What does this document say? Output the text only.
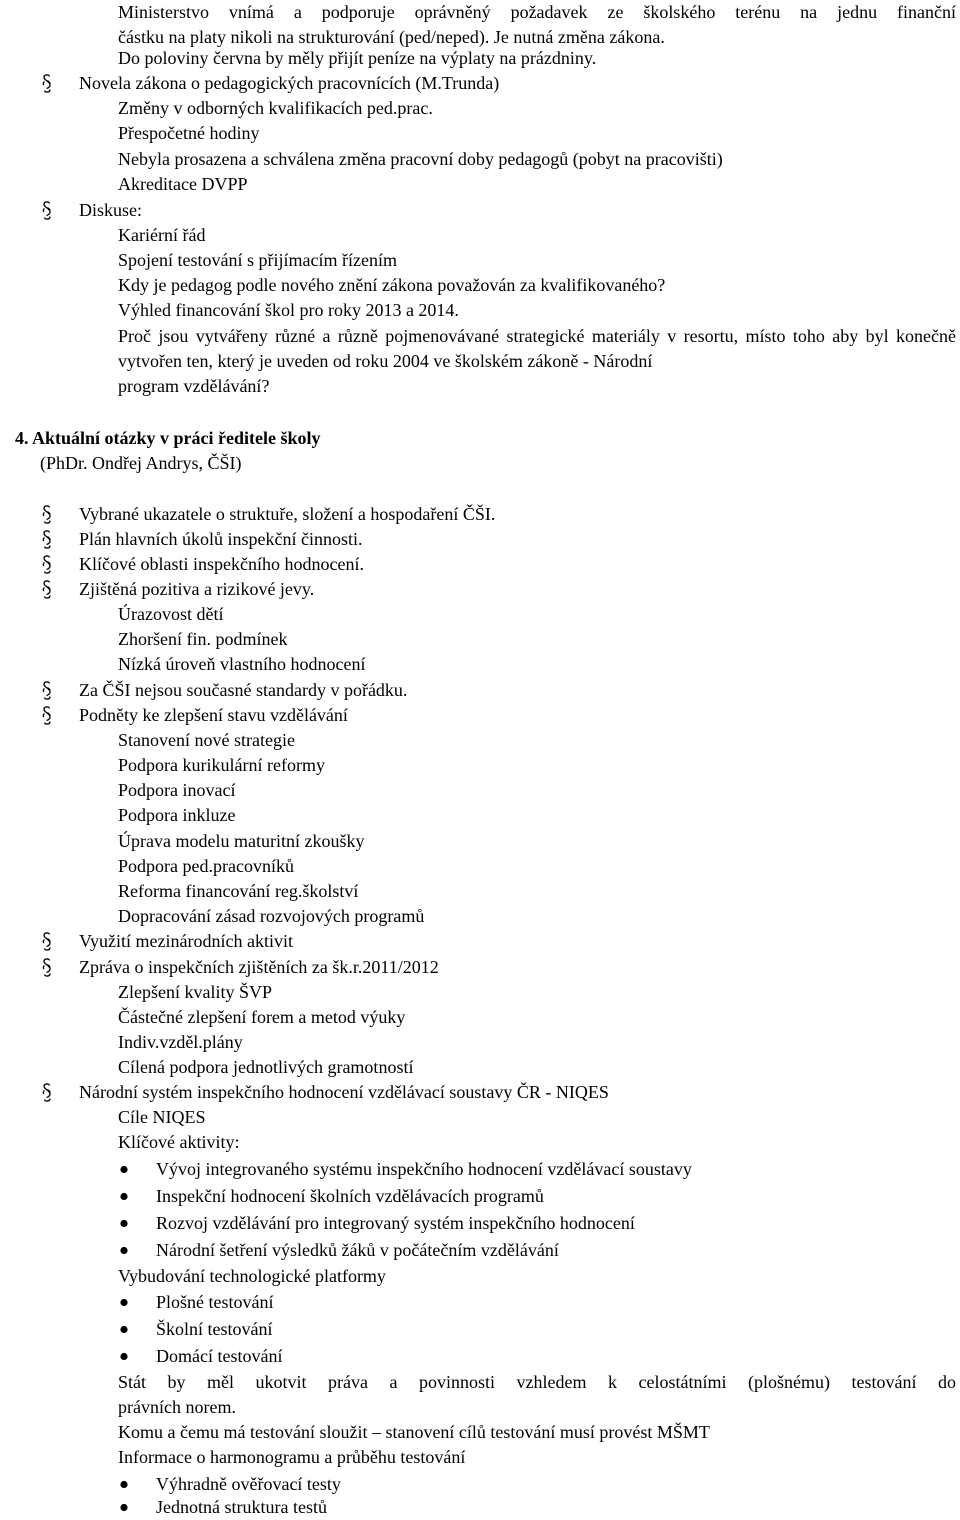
Ministerstvo vnímá a podporuje oprávněný požadavek ze školského terénu na jednu finanční
částku na platy nikoli na strukturování (ped/neped). Je nutná změna zákona.
Do poloviny června by měly přijít peníze na výplaty na prázdniny.
Novela zákona o pedagogických pracovnících (M.Trunda)
Změny v odborných kvalifikacích ped.prac.
Přespočetné hodiny
Nebyla prosazena a schválena změna pracovní doby pedagogů (pobyt na pracovišti)
Akreditace DVPP
Diskuse:
Kariérní řád
Spojení testování s přijímacím řízením
Kdy je pedagog podle nového znění zákona považován za kvalifikovaného?
Výhled financování škol pro roky 2013 a 2014.
Proč jsou vytvářeny různé a různě pojmenovávané strategické materiály v resortu, místo toho aby byl konečně vytvořen ten, který je uveden od roku 2004 ve školském zákoně - Národní
program vzdělávání?
4. Aktuální otázky v práci ředitele školy
(PhDr. Ondřej Andrys, ČŠI)
Vybrané ukazatele o struktuře, složení a hospodaření ČŠI.
Plán hlavních úkolů inspekční činnosti.
Klíčové oblasti inspekčního hodnocení.
Zjištěná pozitiva a rizikové jevy.
Úrazovost dětí
Zhoršení fin. podmínek
Nízká úroveň vlastního hodnocení
Za ČŠI nejsou současné standardy v pořádku.
Podněty ke zlepšení stavu vzdělávání
Stanovení nové strategie
Podpora kurikulární reformy
Podpora inovací
Podpora inkluze
Úprava modelu maturitní zkoušky
Podpora ped.pracovníků
Reforma financování reg.školství
Dopracování zásad rozvojových programů
Využití mezinárodních aktivit
Zpráva o inspekčních zjištěních za šk.r.2011/2012
Zlepšení kvality ŠVP
Částečné zlepšení forem a metod výuky
Indiv.vzděl.plány
Cílená podpora jednotlivých gramotností
Národní systém inspekčního hodnocení vzdělávací soustavy ČR - NIQES
Cíle NIQES
Klíčové aktivity:
Vývoj integrovaného systému inspekčního hodnocení vzdělávací soustavy
Inspekční hodnocení školních vzdělávacích programů
Rozvoj vzdělávání pro integrovaný systém inspekčního hodnocení
Národní šetření výsledků žáků v počátečním vzdělávání
Vybudování technologické platformy
Plošné testování
Školní testování
Domácí testování
Stát by měl ukotvit práva a povinnosti vzhledem k celostátními (plošnému) testování do
právních norem.
Komu a čemu má testování sloužit – stanovení cílů testování musí provést MŠMT
Informace o harmonogramu a průběhu testování
Výhradně ověřovací testy
Jednotná struktura testů
